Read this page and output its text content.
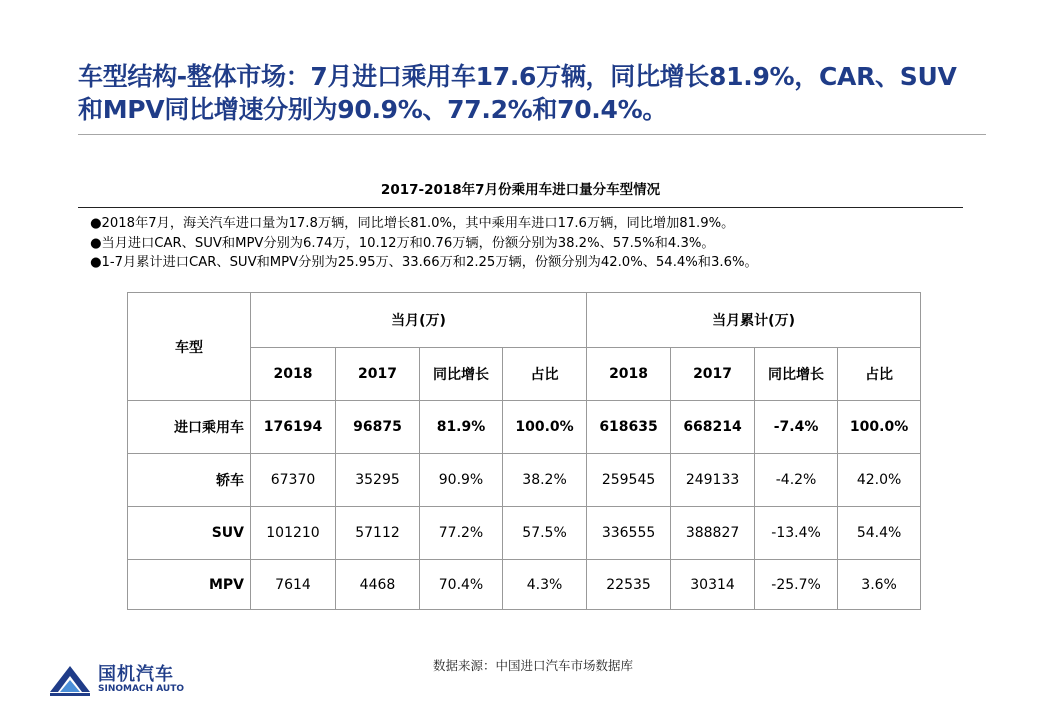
车型结构-整体市场：7月进口乘用车17.6万辆，同比增长81.9%，CAR、SUV
和MPV同比增速分别为90.9%、77.2%和70.4%。
2017-2018年7月份乘用车进口量分车型情况
●2018年7月，海关汽车进口量为17.8万辆，同比增长81.0%，其中乘用车进口17.6万辆，同比增加81.9%。
●当月进口CAR、SUV和MPV分别为6.74万，10.12万和0.76万辆，份额分别为38.2%、57.5%和4.3%。
●1-7月累计进口CAR、SUV和MPV分别为25.95万、33.66万和2.25万辆，份额分别为42.0%、54.4%和3.6%。
车型	当月(万)				当月累计(万)			
	2018	2017	同比增长	占比	2018	2017	同比增长	占比
进口乘用车	176194	96875	81.9%	100.0%	618635	668214	-7.4%	100.0%
轿车	67370	35295	90.9%	38.2%	259545	249133	-4.2%	42.0%
SUV	101210	57112	77.2%	57.5%	336555	388827	-13.4%	54.4%
MPV	7614	4468	70.4%	4.3%	22535	30314	-25.7%	3.6%
数据来源：中国进口汽车市场数据库
国机汽车
SINOMACH AUTO
